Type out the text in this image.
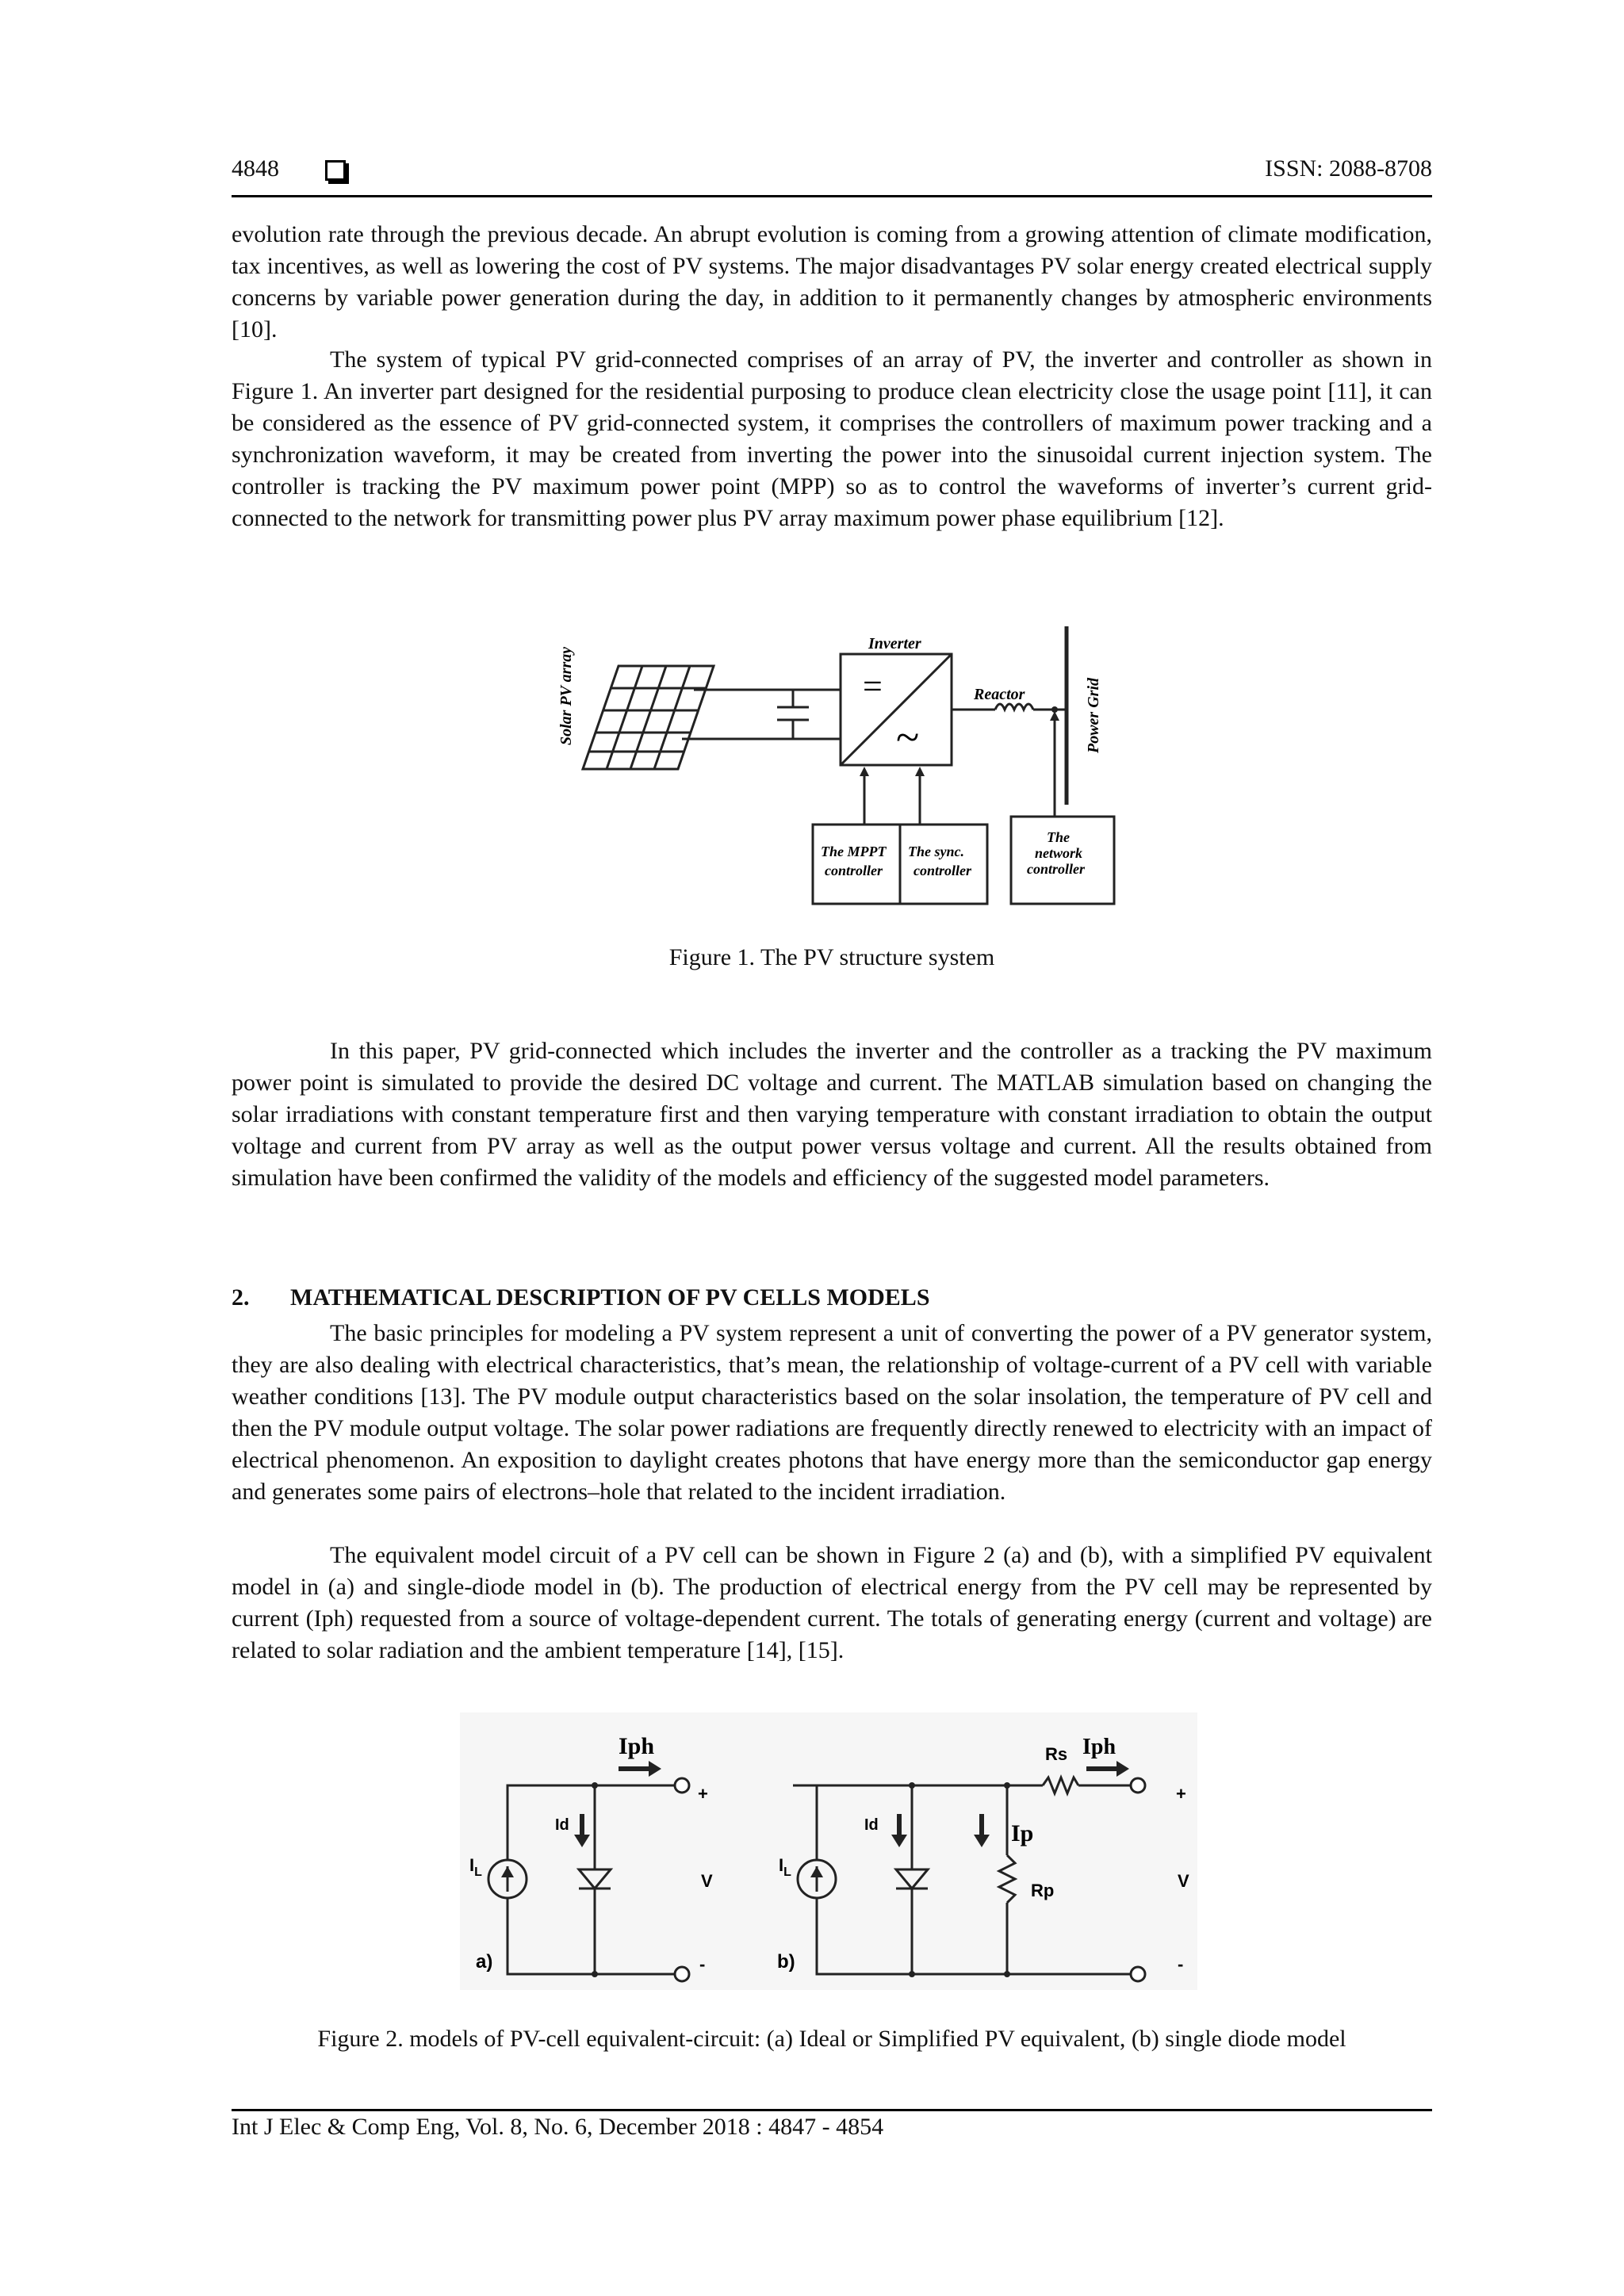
4848	ISSN: 2088-8708

evolution rate through the previous decade. An abrupt evolution is coming from a growing attention of climate modification, tax incentives, as well as lowering the cost of PV systems. The major disadvantages PV solar energy created electrical supply concerns by variable power generation during the day, in addition to it permanently changes by atmospheric environments [10].

The system of typical PV grid-connected comprises of an array of PV, the inverter and controller as shown in Figure 1. An inverter part designed for the residential purposing to produce clean electricity close the usage point [11], it can be considered as the essence of PV grid-connected system, it comprises the controllers of maximum power tracking and a synchronization waveform, it may be created from inverting the power into the sinusoidal current injection system. The controller is tracking the PV maximum power point (MPP) so as to control the waveforms of inverter’s current grid-connected to the network for transmitting power plus PV array maximum power phase equilibrium [12].

Solar PV array
Inverter
Reactor	Power Grid
=
~
The MPPT
controller
The sync.
controller
The
network
controller
Figure 1. The PV structure system

In this paper, PV grid-connected which includes the inverter and the controller as a tracking the PV maximum power point is simulated to provide the desired DC voltage and current. The MATLAB simulation based on changing the solar irradiations with constant temperature first and then varying temperature with constant irradiation to obtain the output voltage and current from PV array as well as the output power versus voltage and current. All the results obtained from simulation have been confirmed the validity of the models and efficiency of the suggested model parameters.

2. MATHEMATICAL DESCRIPTION OF PV CELLS MODELS

The basic principles for modeling a PV system represent a unit of converting the power of a PV generator system, they are also dealing with electrical characteristics, that’s mean, the relationship of voltage-current of a PV cell with variable weather conditions [13]. The PV module output characteristics based on the solar insolation, the temperature of PV cell and then the PV module output voltage. The solar power radiations are frequently directly renewed to electricity with an impact of electrical phenomenon. An exposition to daylight creates photons that have energy more than the semiconductor gap energy and generates some pairs of electrons–hole that related to the incident irradiation.

The equivalent model circuit of a PV cell can be shown in Figure 2 (a) and (b), with a simplified PV equivalent model in (a) and single-diode model in (b). The production of electrical energy from the PV cell may be represented by current (Iph) requested from a source of voltage-dependent current. The totals of generating energy (current and voltage) are related to solar radiation and the ambient temperature [14], [15].

Iph	Iph
Rs
Id	Id	Ip
Rp
$I_L$	$I_L$
V	V
+	+
-	-
a)	b)
Figure 2. models of PV-cell equivalent-circuit: (a) Ideal or Simplified PV equivalent, (b) single diode model
Int J Elec & Comp Eng, Vol. 8, No. 6, December 2018 : 4847 - 4854
